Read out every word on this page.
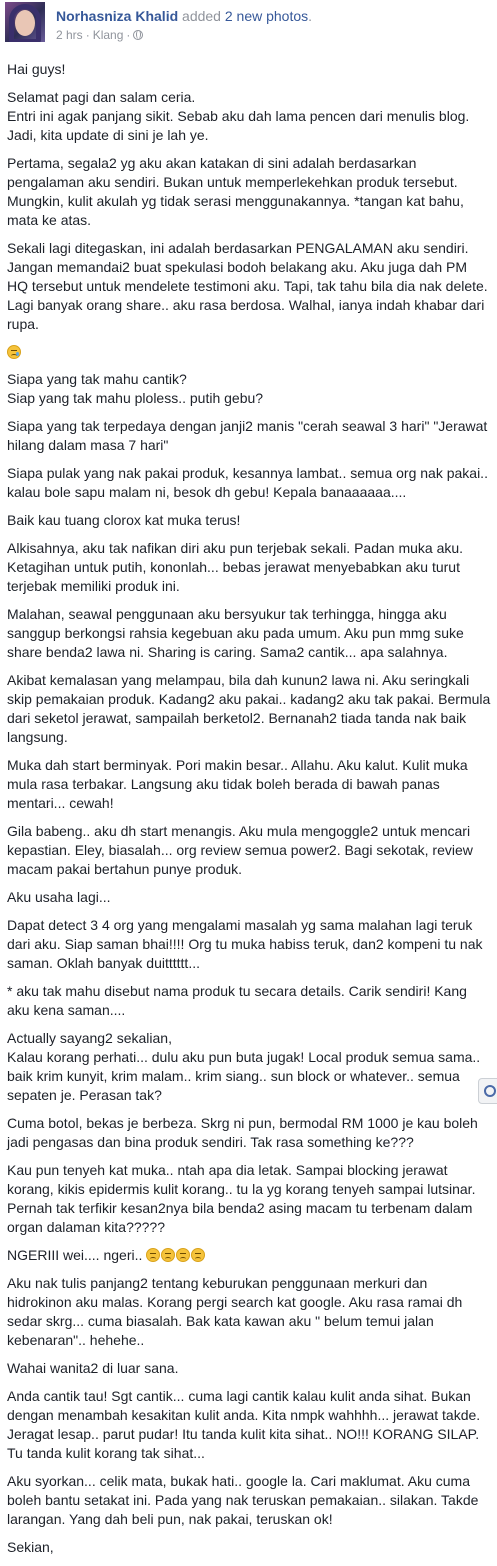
Norhasniza Khalid added 2 new photos.
2 hrs · Klang ·

Hai guys!

Selamat pagi dan salam ceria.
Entri ini agak panjang sikit. Sebab aku dah lama pencen dari menulis blog. Jadi, kita update di sini je lah ye.

Pertama, segala2 yg aku akan katakan di sini adalah berdasarkan pengalaman aku sendiri. Bukan untuk memperlekehkan produk tersebut. Mungkin, kulit akulah yg tidak serasi menggunakannya. *tangan kat bahu, mata ke atas.

Sekali lagi ditegaskan, ini adalah berdasarkan PENGALAMAN aku sendiri. Jangan memandai2 buat spekulasi bodoh belakang aku. Aku juga dah PM HQ tersebut untuk mendelete testimoni aku. Tapi, tak tahu bila dia nak delete. Lagi banyak orang share.. aku rasa berdosa. Walhal, ianya indah khabar dari rupa.

Siapa yang tak mahu cantik?
Siap yang tak mahu ploless.. putih gebu?

Siapa yang tak terpedaya dengan janji2 manis "cerah seawal 3 hari" "Jerawat hilang dalam masa 7 hari"

Siapa pulak yang nak pakai produk, kesannya lambat.. semua org nak pakai.. kalau bole sapu malam ni, besok dh gebu! Kepala banaaaaaa....

Baik kau tuang clorox kat muka terus!

Alkisahnya, aku tak nafikan diri aku pun terjebak sekali. Padan muka aku. Ketagihan untuk putih, kononlah... bebas jerawat menyebabkan aku turut terjebak memiliki produk ini.

Malahan, seawal penggunaan aku bersyukur tak terhingga, hingga aku sanggup berkongsi rahsia kegebuan aku pada umum. Aku pun mmg suke share benda2 lawa ni. Sharing is caring. Sama2 cantik... apa salahnya.

Akibat kemalasan yang melampau, bila dah kunun2 lawa ni. Aku seringkali skip pemakaian produk. Kadang2 aku pakai.. kadang2 aku tak pakai. Bermula dari seketol jerawat, sampailah berketol2. Bernanah2 tiada tanda nak baik langsung.

Muka dah start berminyak. Pori makin besar.. Allahu. Aku kalut. Kulit muka mula rasa terbakar. Langsung aku tidak boleh berada di bawah panas mentari... cewah!

Gila babeng.. aku dh start menangis. Aku mula mengoggle2 untuk mencari kepastian. Eley, biasalah... org review semua power2. Bagi sekotak, review macam pakai bertahun punye produk.

Aku usaha lagi...

Dapat detect 3 4 org yang mengalami masalah yg sama malahan lagi teruk dari aku. Siap saman bhai!!!! Org tu muka habiss teruk, dan2 kompeni tu nak saman. Oklah banyak duitttttt...

* aku tak mahu disebut nama produk tu secara details. Carik sendiri! Kang aku kena saman....

Actually sayang2 sekalian,
Kalau korang perhati... dulu aku pun buta jugak! Local produk semua sama.. baik krim kunyit, krim malam.. krim siang.. sun block or whatever.. semua sepaten je. Perasan tak?

Cuma botol, bekas je berbeza. Skrg ni pun, bermodal RM 1000 je kau boleh jadi pengasas dan bina produk sendiri. Tak rasa something ke???

Kau pun tenyeh kat muka.. ntah apa dia letak. Sampai blocking jerawat korang, kikis epidermis kulit korang.. tu la yg korang tenyeh sampai lutsinar. Pernah tak terfikir kesan2nya bila benda2 asing macam tu terbenam dalam organ dalaman kita?????

NGERIII wei.... ngeri..

Aku nak tulis panjang2 tentang keburukan penggunaan merkuri dan hidrokinon aku malas. Korang pergi search kat google. Aku rasa ramai dh sedar skrg... cuma biasalah. Bak kata kawan aku " belum temui jalan kebenaran".. hehehe..

Wahai wanita2 di luar sana.

Anda cantik tau! Sgt cantik... cuma lagi cantik kalau kulit anda sihat. Bukan dengan menambah kesakitan kulit anda. Kita nmpk wahhhh... jerawat takde. Jeragat lesap.. parut pudar! Itu tanda kulit kita sihat.. NO!!! KORANG SILAP. Tu tanda kulit korang tak sihat...

Aku syorkan... celik mata, bukak hati.. google la. Cari maklumat. Aku cuma boleh bantu setakat ini. Pada yang nak teruskan pemakaian.. silakan. Takde larangan. Yang dah beli pun, nak pakai, teruskan ok!

Sekian,
